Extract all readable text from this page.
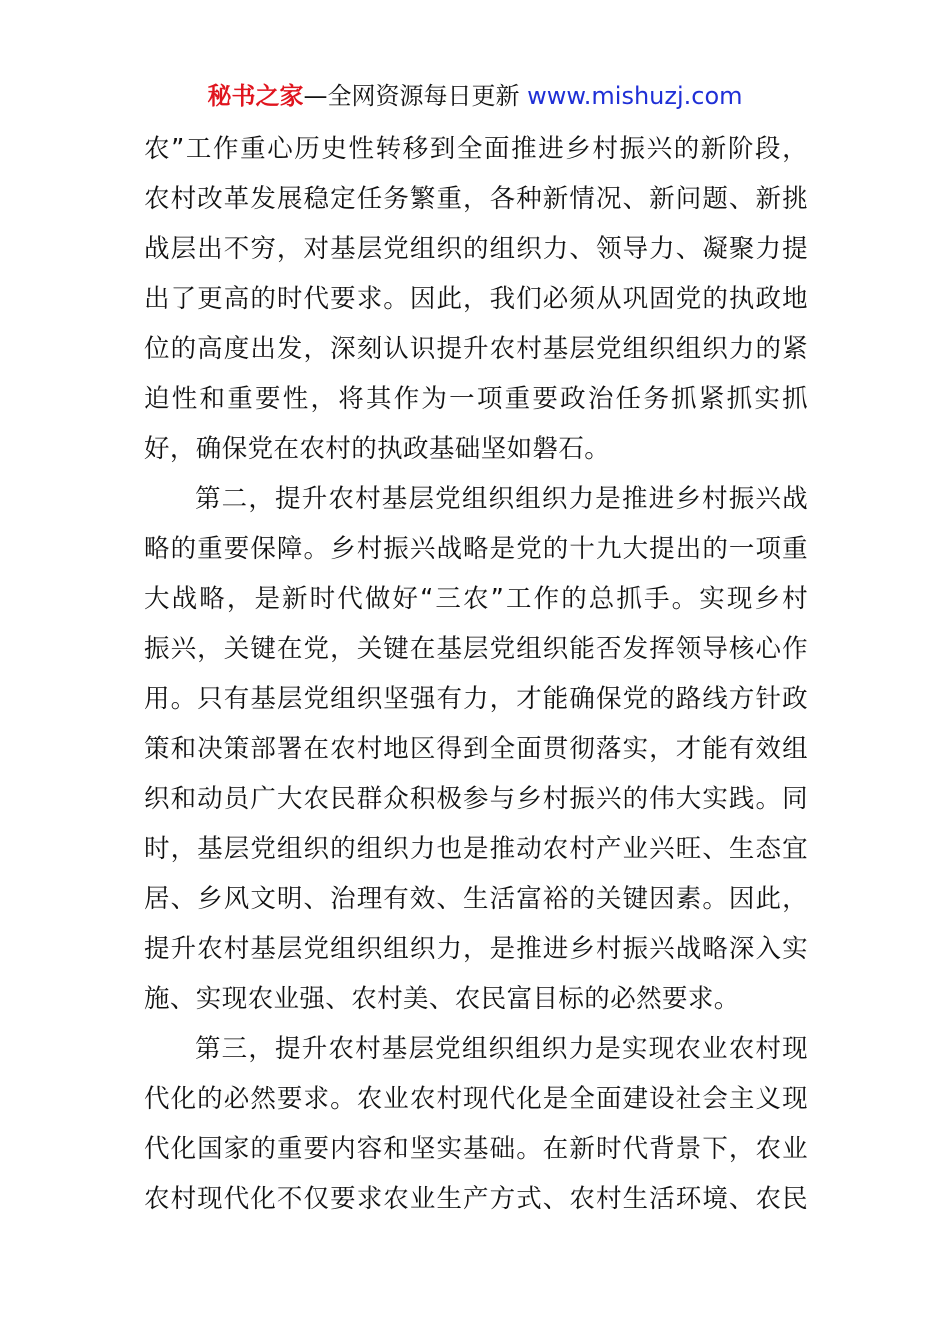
秘书之家—全网资源每日更新 www.mishuzj.com
农”工作重心历史性转移到全面推进乡村振兴的新阶段，
农村改革发展稳定任务繁重，各种新情况、新问题、新挑
战层出不穷，对基层党组织的组织力、领导力、凝聚力提
出了更高的时代要求。因此，我们必须从巩固党的执政地
位的高度出发，深刻认识提升农村基层党组织组织力的紧
迫性和重要性，将其作为一项重要政治任务抓紧抓实抓
好，确保党在农村的执政基础坚如磐石。
第二，提升农村基层党组织组织力是推进乡村振兴战
略的重要保障。乡村振兴战略是党的十九大提出的一项重
大战略，是新时代做好“三农”工作的总抓手。实现乡村
振兴，关键在党，关键在基层党组织能否发挥领导核心作
用。只有基层党组织坚强有力，才能确保党的路线方针政
策和决策部署在农村地区得到全面贯彻落实，才能有效组
织和动员广大农民群众积极参与乡村振兴的伟大实践。同
时，基层党组织的组织力也是推动农村产业兴旺、生态宜
居、乡风文明、治理有效、生活富裕的关键因素。因此，
提升农村基层党组织组织力，是推进乡村振兴战略深入实
施、实现农业强、农村美、农民富目标的必然要求。
第三，提升农村基层党组织组织力是实现农业农村现
代化的必然要求。农业农村现代化是全面建设社会主义现
代化国家的重要内容和坚实基础。在新时代背景下，农业
农村现代化不仅要求农业生产方式、农村生活环境、农民
